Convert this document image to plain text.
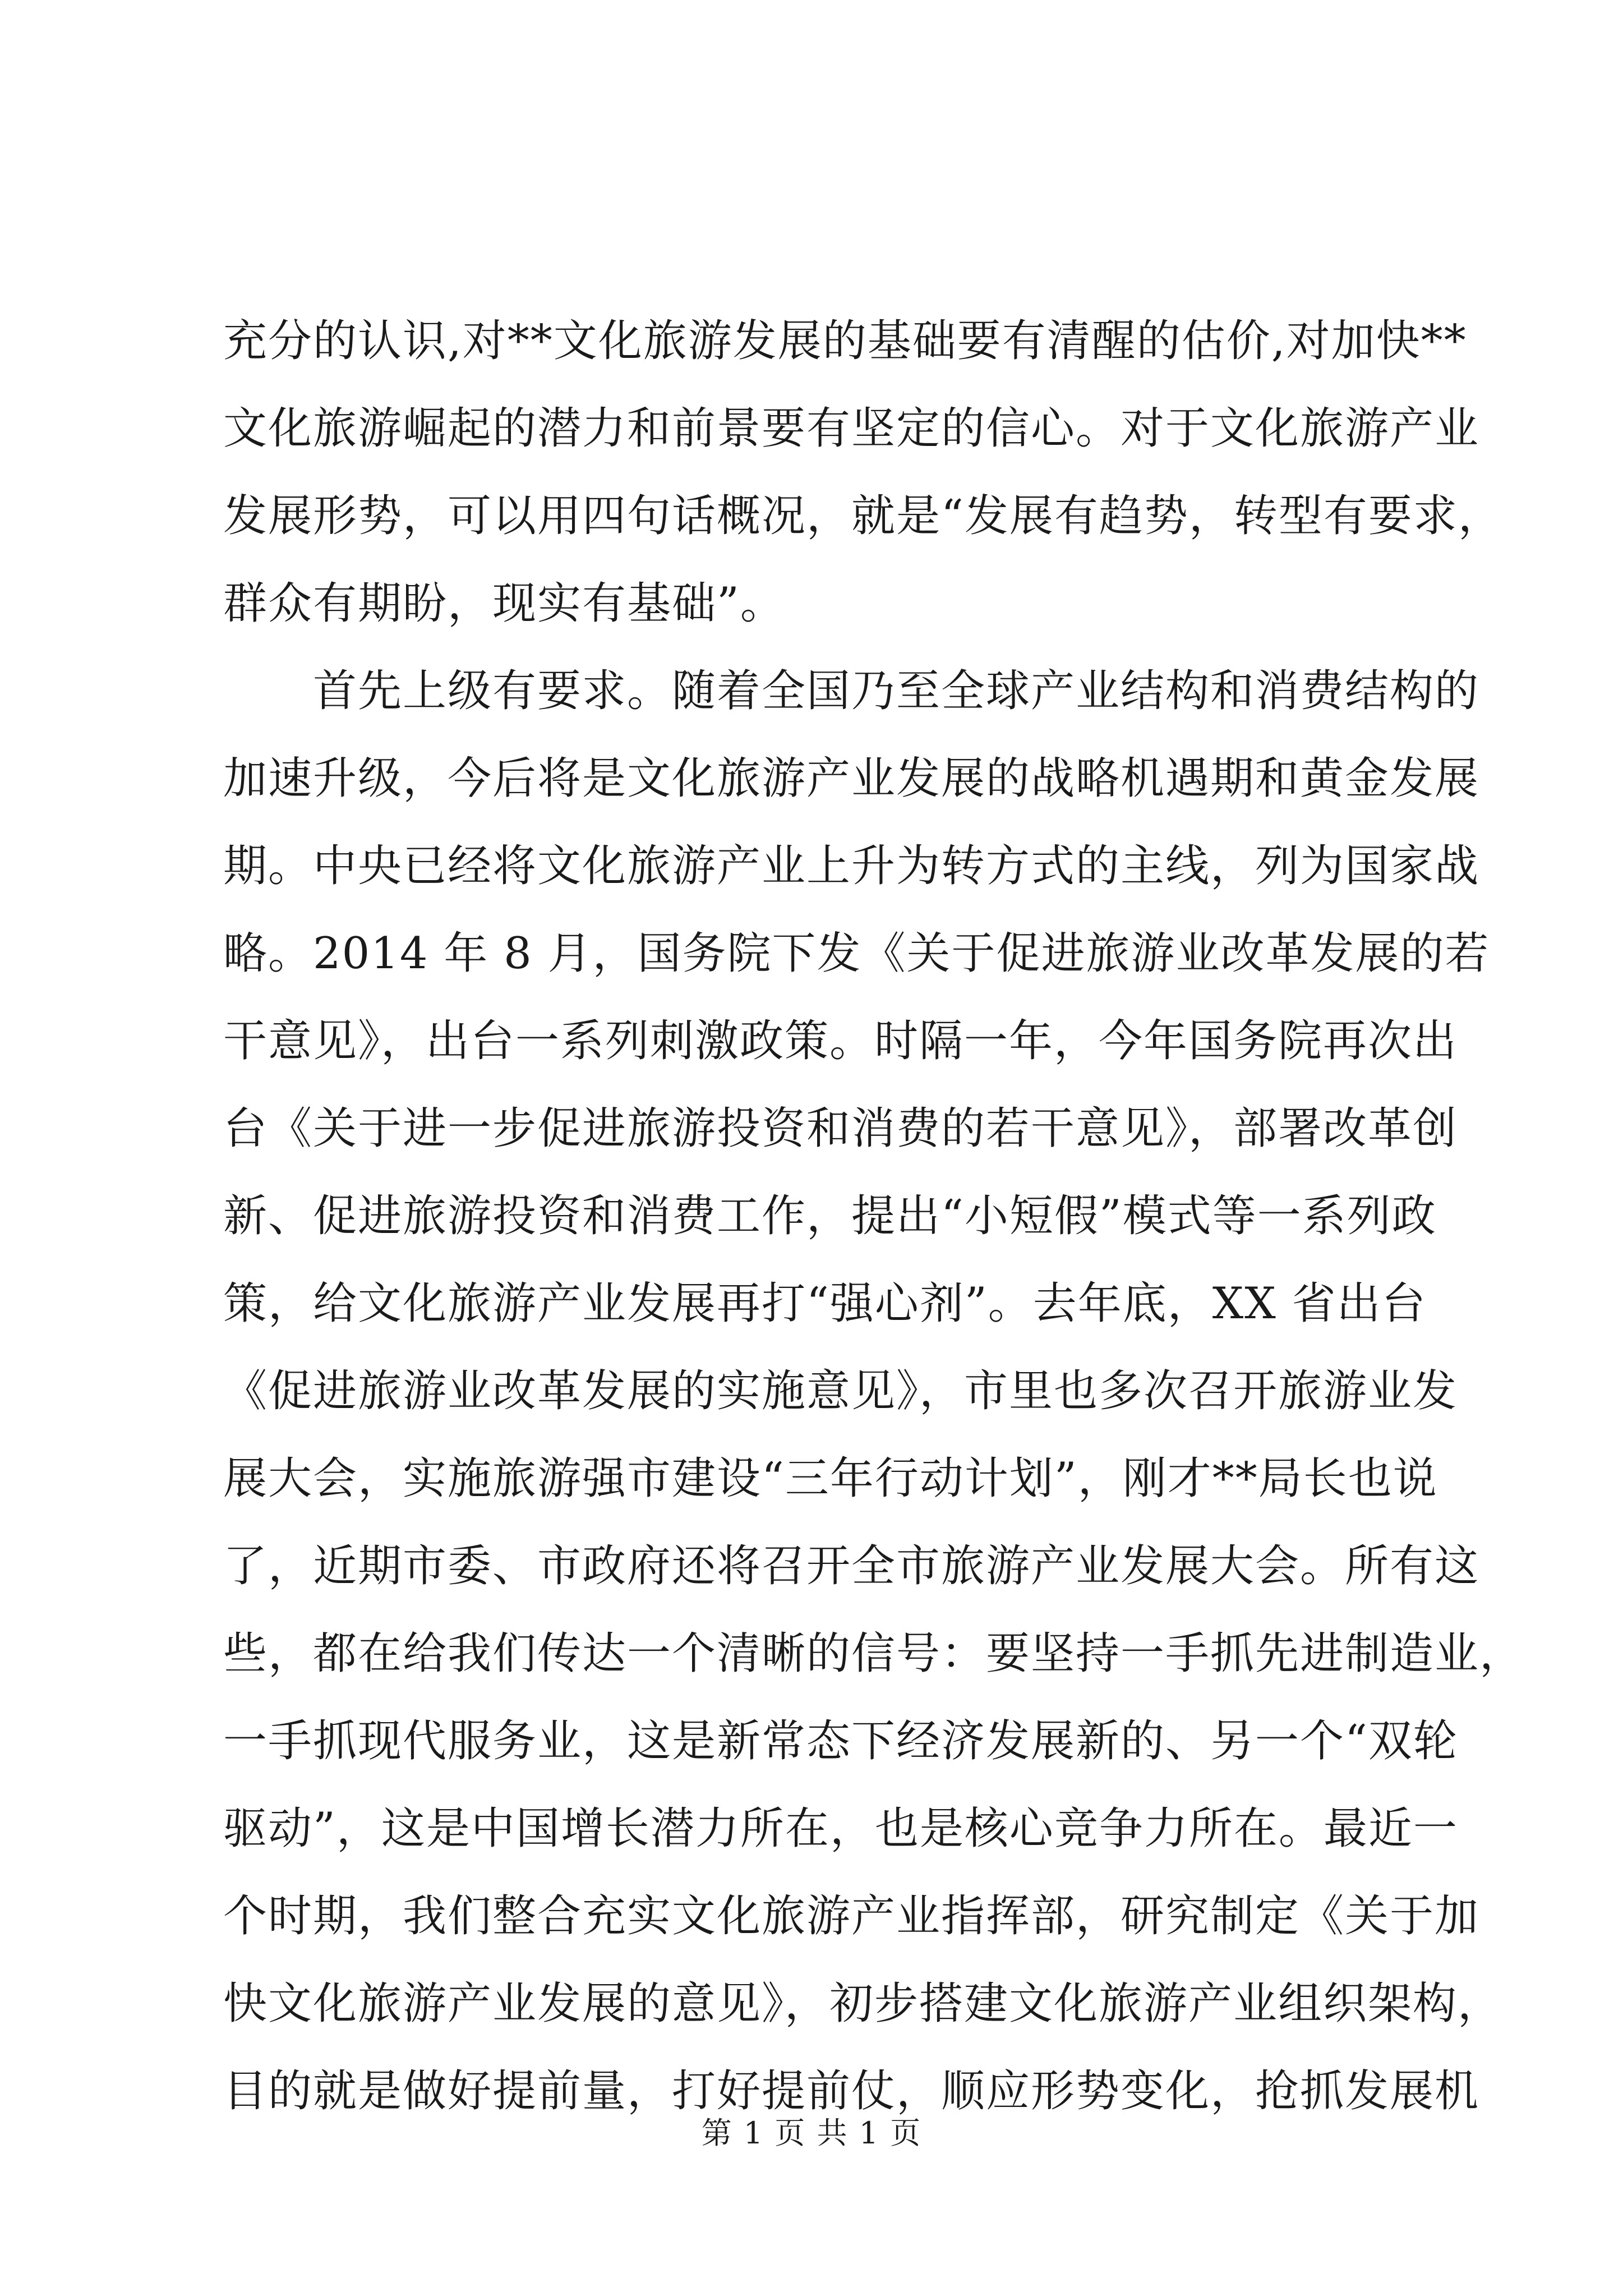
充分的认识,对**文化旅游发展的基础要有清醒的估价,对加快**
文化旅游崛起的潜力和前景要有坚定的信心。对于文化旅游产业
发展形势，可以用四句话概况，就是“发展有趋势，转型有要求，
群众有期盼，现实有基础”。
首先上级有要求。随着全国乃至全球产业结构和消费结构的
加速升级，今后将是文化旅游产业发展的战略机遇期和黄金发展
期。中央已经将文化旅游产业上升为转方式的主线，列为国家战
略。2014 年 8 月，国务院下发《关于促进旅游业改革发展的若
干意见》，出台一系列刺激政策。时隔一年，今年国务院再次出
台《关于进一步促进旅游投资和消费的若干意见》，部署改革创
新、促进旅游投资和消费工作，提出“小短假”模式等一系列政
策，给文化旅游产业发展再打“强心剂”。去年底，XX 省出台
《促进旅游业改革发展的实施意见》，市里也多次召开旅游业发
展大会，实施旅游强市建设“三年行动计划”，刚才**局长也说
了，近期市委、市政府还将召开全市旅游产业发展大会。所有这
些，都在给我们传达一个清晰的信号：要坚持一手抓先进制造业，
一手抓现代服务业，这是新常态下经济发展新的、另一个“双轮
驱动”，这是中国增长潜力所在，也是核心竞争力所在。最近一
个时期，我们整合充实文化旅游产业指挥部，研究制定《关于加
快文化旅游产业发展的意见》，初步搭建文化旅游产业组织架构，
目的就是做好提前量，打好提前仗，顺应形势变化，抢抓发展机
第 1 页 共 1 页
